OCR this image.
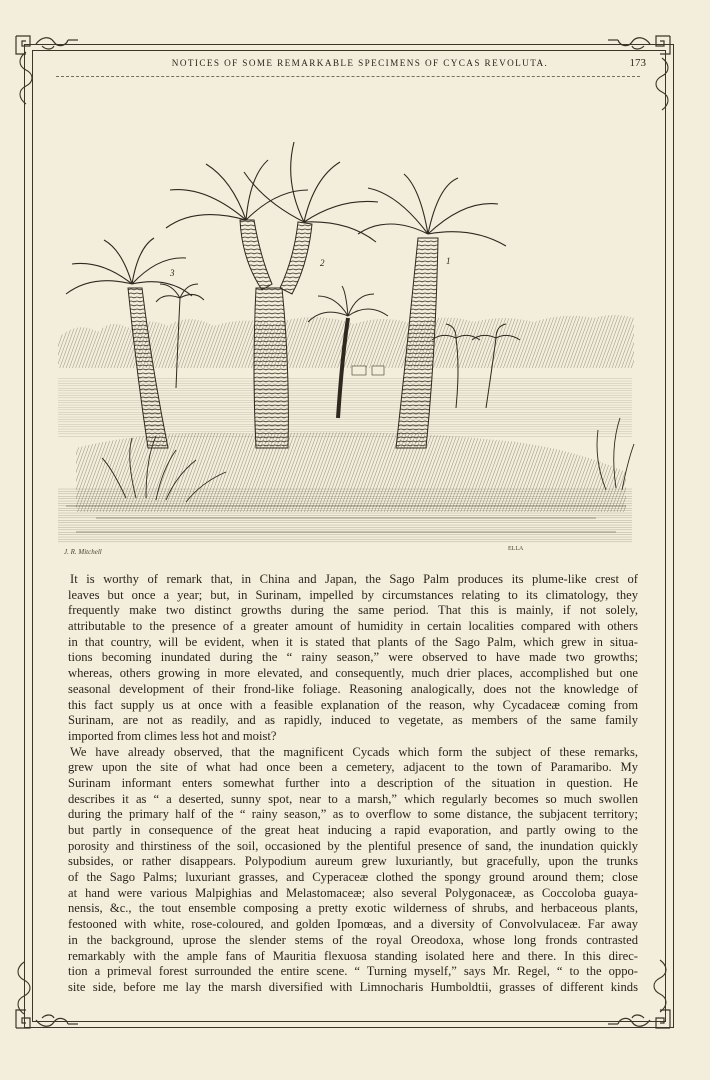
NOTICES OF SOME REMARKABLE SPECIMENS OF CYCAS REVOLUTA.	173
3
2	1
J. R. Mitchell	ELLA
It is worthy of remark that, in China and Japan, the Sago Palm produces its plume-like crest of
leaves but once a year; but, in Surinam, impelled by circumstances relating to its climatology, they
frequently make two distinct growths during the same period. That this is mainly, if not solely,
attributable to the presence of a greater amount of humidity in certain localities compared with others
in that country, will be evident, when it is stated that plants of the Sago Palm, which grew in situa-
tions becoming inundated during the “ rainy season,” were observed to have made two growths;
whereas, others growing in more elevated, and consequently, much drier places, accomplished but one
seasonal development of their frond-like foliage. Reasoning analogically, does not the knowledge of
this fact supply us at once with a feasible explanation of the reason, why Cycadaceæ coming from
Surinam, are not as readily, and as rapidly, induced to vegetate, as members of the same family
imported from climes less hot and moist?
We have already observed, that the magnificent Cycads which form the subject of these remarks,
grew upon the site of what had once been a cemetery, adjacent to the town of Paramaribo. My
Surinam informant enters somewhat further into a description of the situation in question. He
describes it as “ a deserted, sunny spot, near to a marsh,” which regularly becomes so much swollen
during the primary half of the “ rainy season,” as to overflow to some distance, the subjacent territory;
but partly in consequence of the great heat inducing a rapid evaporation, and partly owing to the
porosity and thirstiness of the soil, occasioned by the plentiful presence of sand, the inundation quickly
subsides, or rather disappears. Polypodium aureum grew luxuriantly, but gracefully, upon the trunks
of the Sago Palms; luxuriant grasses, and Cyperaceæ clothed the spongy ground around them; close
at hand were various Malpighias and Melastomaceæ; also several Polygonaceæ, as Coccoloba guaya-
nensis, &c., the tout ensemble composing a pretty exotic wilderness of shrubs, and herbaceous plants,
festooned with white, rose-coloured, and golden Ipomœas, and a diversity of Convolvulaceæ. Far away
in the background, uprose the slender stems of the royal Oreodoxa, whose long fronds contrasted
remarkably with the ample fans of Mauritia flexuosa standing isolated here and there. In this direc-
tion a primeval forest surrounded the entire scene. “ Turning myself,” says Mr. Regel, “ to the oppo-
site side, before me lay the marsh diversified with Limnocharis Humboldtii, grasses of different kinds
